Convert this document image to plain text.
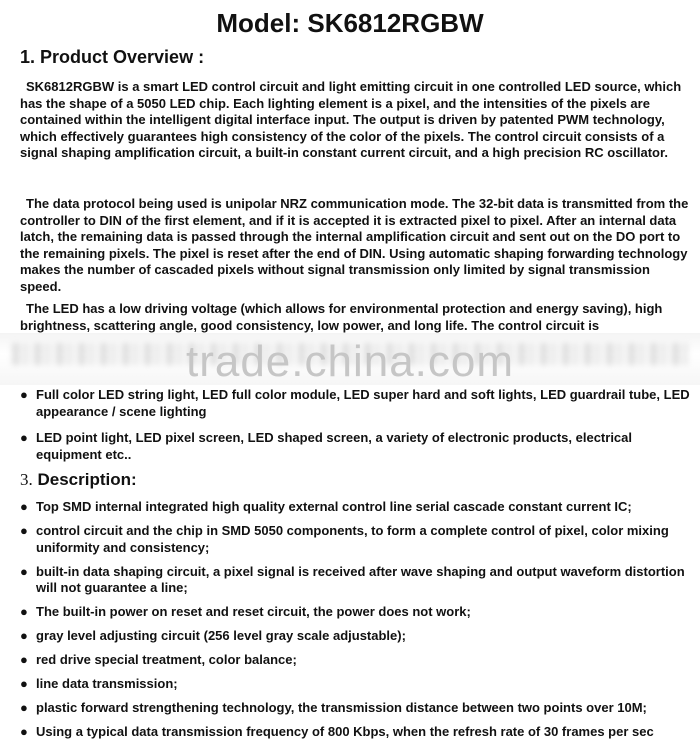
Model: SK6812RGBW
1. Product Overview :

SK6812RGBW is a smart LED control circuit and light emitting circuit in one controlled LED source, which has the shape of a 5050 LED chip. Each lighting element is a pixel, and the intensities of the pixels are contained within the intelligent digital interface input. The output is driven by patented PWM technology, which effectively guarantees high consistency of the color of the pixels. The control circuit consists of a signal shaping amplification circuit, a built-in constant current circuit, and a high precision RC oscillator.

The data protocol being used is unipolar NRZ communication mode. The 32-bit data is transmitted from the controller to DIN of the first element, and if it is accepted it is extracted pixel to pixel. After an internal data latch, the remaining data is passed through the internal amplification circuit and sent out on the DO port to the remaining pixels. The pixel is reset after the end of DIN. Using automatic shaping forwarding technology makes the number of cascaded pixels without signal transmission only limited by signal transmission speed.

The LED has a low driving voltage (which allows for environmental protection and energy saving), high brightness, scattering angle, good consistency, low power, and long life. The control circuit is

trade.china.com
● Full color LED string light, LED full color module, LED super hard and soft lights, LED guardrail tube, LED appearance / scene lighting
● LED point light, LED pixel screen, LED shaped screen, a variety of electronic products, electrical equipment etc..
3. Description:
● Top SMD internal integrated high quality external control line serial cascade constant current IC;
● control circuit and the chip in SMD 5050 components, to form a complete control of pixel, color mixing uniformity and consistency;
● built-in data shaping circuit, a pixel signal is received after wave shaping and output waveform distortion will not guarantee a line;
● The built-in power on reset and reset circuit, the power does not work;
● gray level adjusting circuit (256 level gray scale adjustable);
● red drive special treatment, color balance;
● line data transmission;
● plastic forward strengthening technology, the transmission distance between two points over 10M;
● Using a typical data transmission frequency of 800 Kbps, when the refresh rate of 30 frames per sec
